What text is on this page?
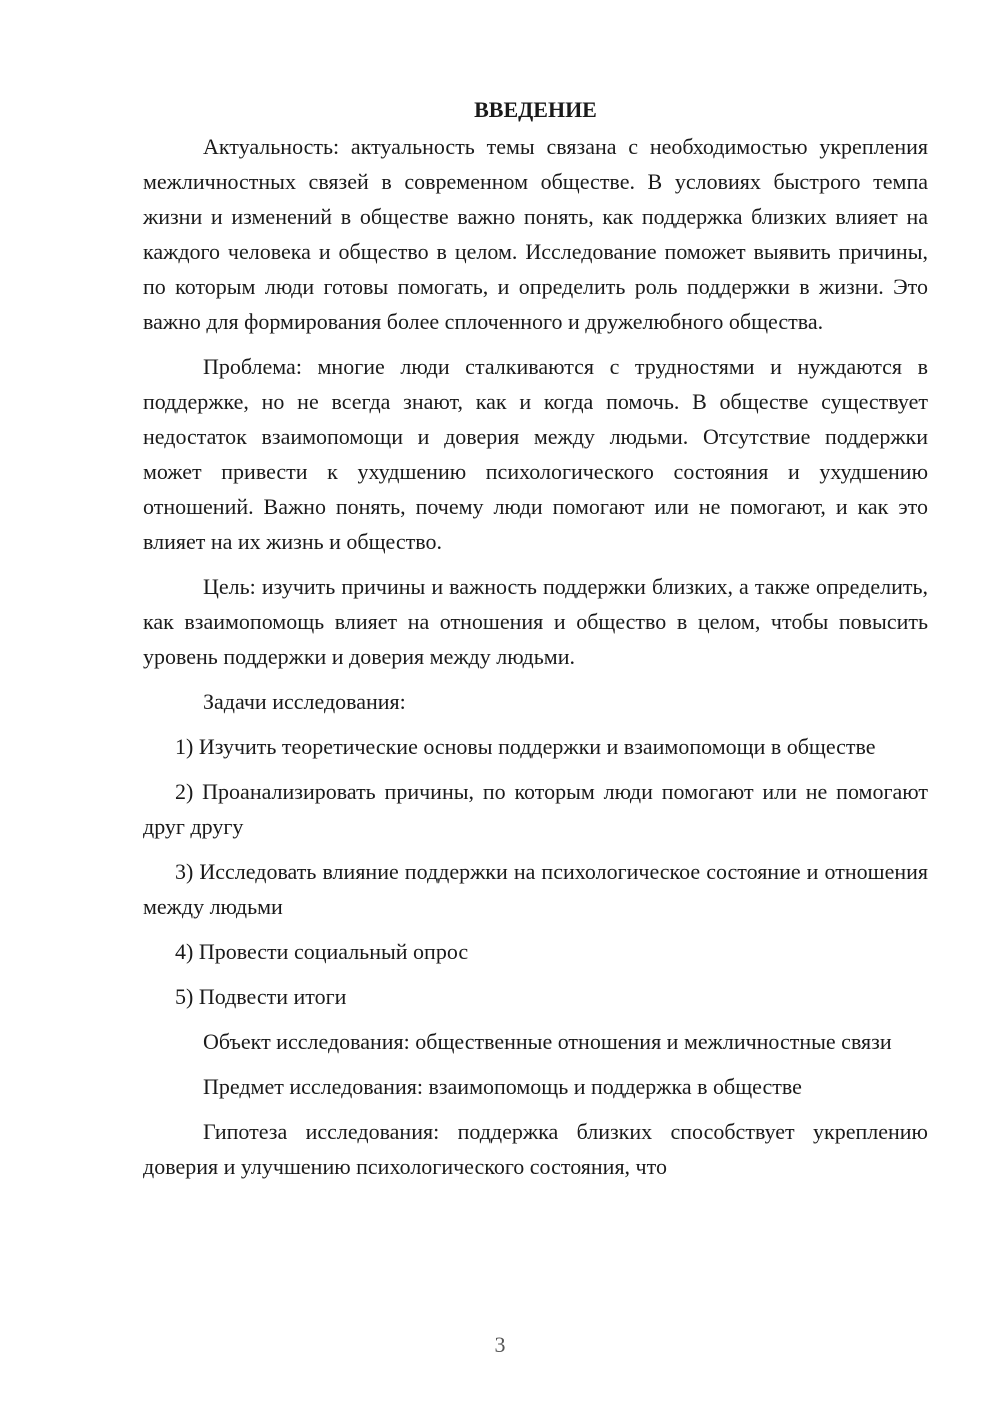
ВВЕДЕНИЕ

Актуальность: актуальность темы связана с необходимостью укрепления межличностных связей в современном обществе. В условиях быстрого темпа жизни и изменений в обществе важно понять, как поддержка близких влияет на каждого человека и общество в целом. Исследование поможет выявить причины, по которым люди готовы помогать, и определить роль поддержки в жизни. Это важно для формирования более сплоченного и дружелюбного общества.

Проблема: многие люди сталкиваются с трудностями и нуждаются в поддержке, но не всегда знают, как и когда помочь. В обществе существует недостаток взаимопомощи и доверия между людьми. Отсутствие поддержки может привести к ухудшению психологического состояния и ухудшению отношений. Важно понять, почему люди помогают или не помогают, и как это влияет на их жизнь и общество.

Цель: изучить причины и важность поддержки близких, а также определить, как взаимопомощь влияет на отношения и общество в целом, чтобы повысить уровень поддержки и доверия между людьми.

Задачи исследования:

1) Изучить теоретические основы поддержки и взаимопомощи в обществе

2) Проанализировать причины, по которым люди помогают или не помогают друг другу

3) Исследовать влияние поддержки на психологическое состояние и отношения между людьми

4) Провести социальный опрос

5) Подвести итоги

Объект исследования: общественные отношения и межличностные связи

Предмет исследования: взаимопомощь и поддержка в обществе

Гипотеза исследования: поддержка близких способствует укреплению доверия и улучшению психологического состояния, что

3
